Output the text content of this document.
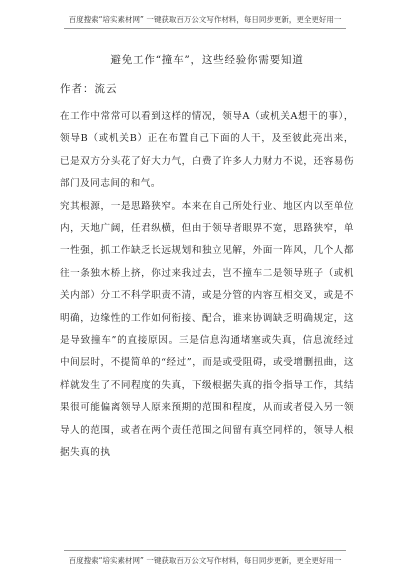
百度搜索“培实素材网” 一键获取百万公文写作材料，每日同步更新，更全更好用一
避免工作“撞车”，这些经验你需要知道
作者：流云

在工作中常常可以看到这样的情况，领导A（或机关A想干的事），领导B（或机关B）正在布置自己下面的人干，及至彼此亮出来，已是双方分头花了好大力气，白费了许多人力财力不说，还容易伤部门及同志间的和气。

究其根源，一是思路狭窄。本来在自己所处行业、地区内以至单位内，天地广阔，任君纵横，但由于领导者眼界不宽，思路狭窄，单一性强，抓工作缺乏长远规划和独立见解，外面一阵风，几个人都往一条独木桥上挤，你过来我过去，岂不撞车二是领导班子（或机关内部）分工不科学职责不清，或是分管的内容互相交叉，或是不明确，边缘性的工作如何衔接、配合，谁来协调缺乏明确规定，这是导致撞车”的直接原因。三是信息沟通堵塞或失真，信息流经过中间层时，不提简单的“经过”，而是或受阻碍，或受增删扭曲，这样就发生了不同程度的失真，下级根据失真的指令指导工作，其结果很可能偏离领导人原来预期的范围和程度，从而或者侵入另一领导人的范围，或者在两个责任范围之间留有真空同样的，领导人根据失真的执

百度搜索“培实素材网” 一键获取百万公文写作材料，每日同步更新，更全更好用一
